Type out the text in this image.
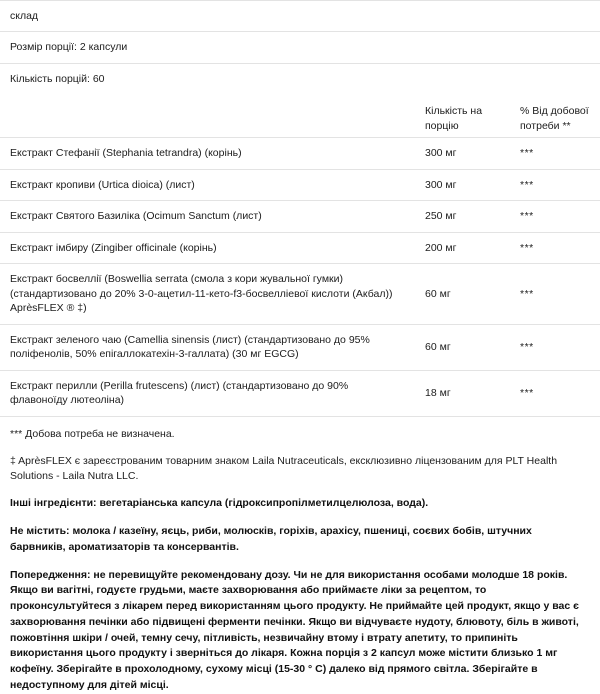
склад		
Розмір порції: 2 капсули		
Кількість порцій: 60		
	Кількість на порцію	% Від добової потреби **
Екстракт Стефанії (Stephania tetrandra) (корінь)	300 мг	***
Екстракт кропиви (Urtica dioica) (лист)	300 мг	***
Екстракт Святого Базиліка (Ocimum Sanctum (лист)	250 мг	***
Екстракт імбиру (Zingiber officinale (корінь)	200 мг	***
Екстракт босвеллії (Boswellia serrata (смола з кори жувальної гумки) (стандартизовано до 20% 3-0-ацетил-11-кето-f3-босвелліевої кислоти (Акбал)) AprèsFLEX ® ‡)	60 мг	***
Екстракт зеленого чаю (Camellia sinensis (лист) (стандартизовано до 95% поліфенолів, 50% епігаллокатехін-3-галлата) (30 мг EGCG)	60 мг	***
Екстракт перилли (Perilla frutescens) (лист) (стандартизовано до 90% флавоноїду лютеоліна)	18 мг	***

*** Добова потреба не визначена.

‡ AprèsFLEX є зареєстрованим товарним знаком Laila Nutraceuticals, ексклюзивно ліцензованим для PLT Health Solutions - Laila Nutra LLC.

Інші інгредієнти: вегетаріанська капсула (гідроксипропілметилцелюлоза, вода).

Не містить: молока / казеїну, яєць, риби, молюсків, горіхів, арахісу, пшениці, соєвих бобів, штучних барвників, ароматизаторів та консервантів.

Попередження: не перевищуйте рекомендовану дозу. Чи не для використання особами молодше 18 років. Якщо ви вагітні, годуєте грудьми, маєте захворювання або приймаєте ліки за рецептом, то проконсультуйтеся з лікарем перед використанням цього продукту. Не приймайте цей продукт, якщо у вас є захворювання печінки або підвищені ферменти печінки. Якщо ви відчуваєте нудоту, блювоту, біль в животі, пожовтіння шкіри / очей, темну сечу, пітливість, незвичайну втому і втрату апетиту, то припиніть використання цього продукту і зверніться до лікаря. Кожна порція з 2 капсул може містити близько 1 мг кофеїну. Зберігайте в прохолодному, сухому місці (15-30 ° С) далеко від прямого світла. Зберігайте в недоступному для дітей місці.
